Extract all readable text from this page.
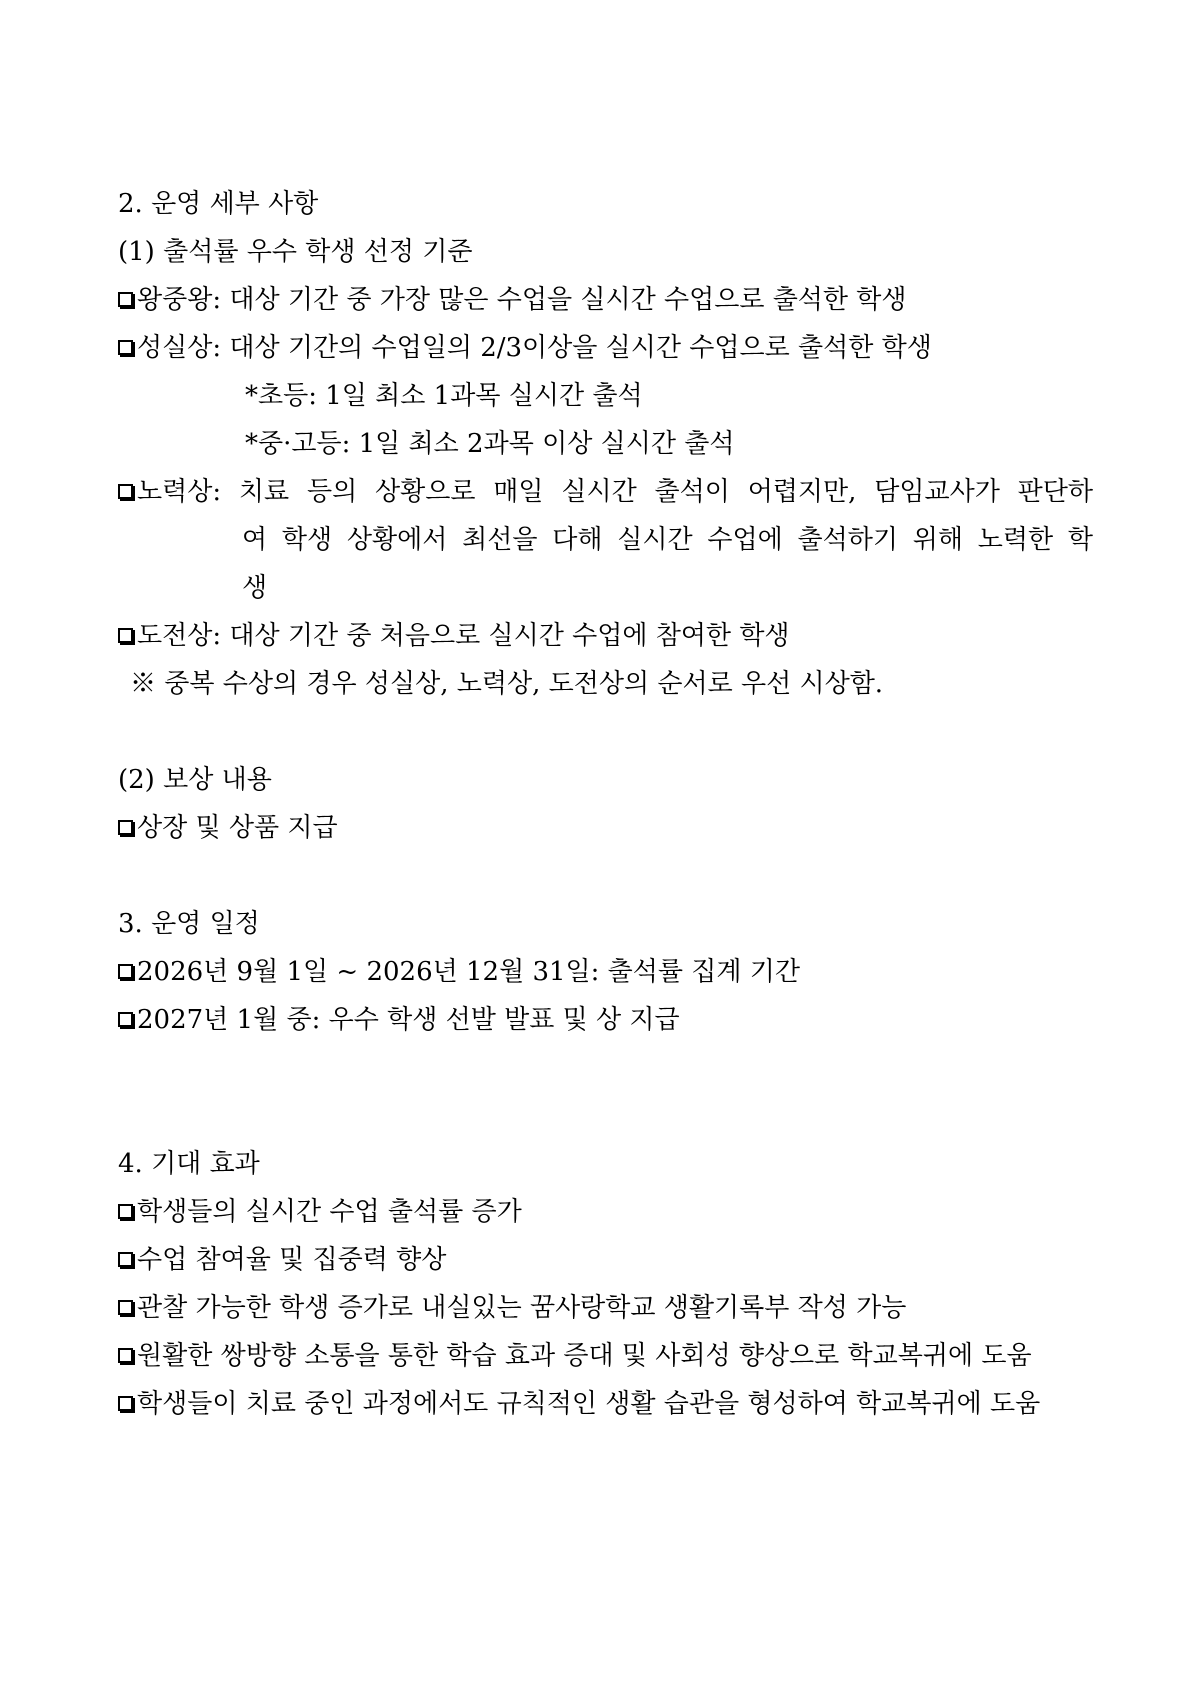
2. 운영 세부 사항
(1) 출석률 우수 학생 선정 기준
왕중왕: 대상 기간 중 가장 많은 수업을 실시간 수업으로 출석한 학생
성실상: 대상 기간의 수업일의 2/3이상을 실시간 수업으로 출석한 학생
*초등: 1일 최소 1과목 실시간 출석
*중·고등: 1일 최소 2과목 이상 실시간 출석
노력상: 치료 등의 상황으로 매일 실시간 출석이 어렵지만, 담임교사가 판단하
여 학생 상황에서 최선을 다해 실시간 수업에 출석하기 위해 노력한 학
생
도전상: 대상 기간 중 처음으로 실시간 수업에 참여한 학생
※ 중복 수상의 경우 성실상, 노력상, 도전상의 순서로 우선 시상함.
(2) 보상 내용
상장 및 상품 지급
3. 운영 일정
2026년 9월 1일 ~ 2026년 12월 31일: 출석률 집계 기간
2027년 1월 중: 우수 학생 선발 발표 및 상 지급
4. 기대 효과
학생들의 실시간 수업 출석률 증가
수업 참여율 및 집중력 향상
관찰 가능한 학생 증가로 내실있는 꿈사랑학교 생활기록부 작성 가능
원활한 쌍방향 소통을 통한 학습 효과 증대 및 사회성 향상으로 학교복귀에 도움
학생들이 치료 중인 과정에서도 규칙적인 생활 습관을 형성하여 학교복귀에 도움
